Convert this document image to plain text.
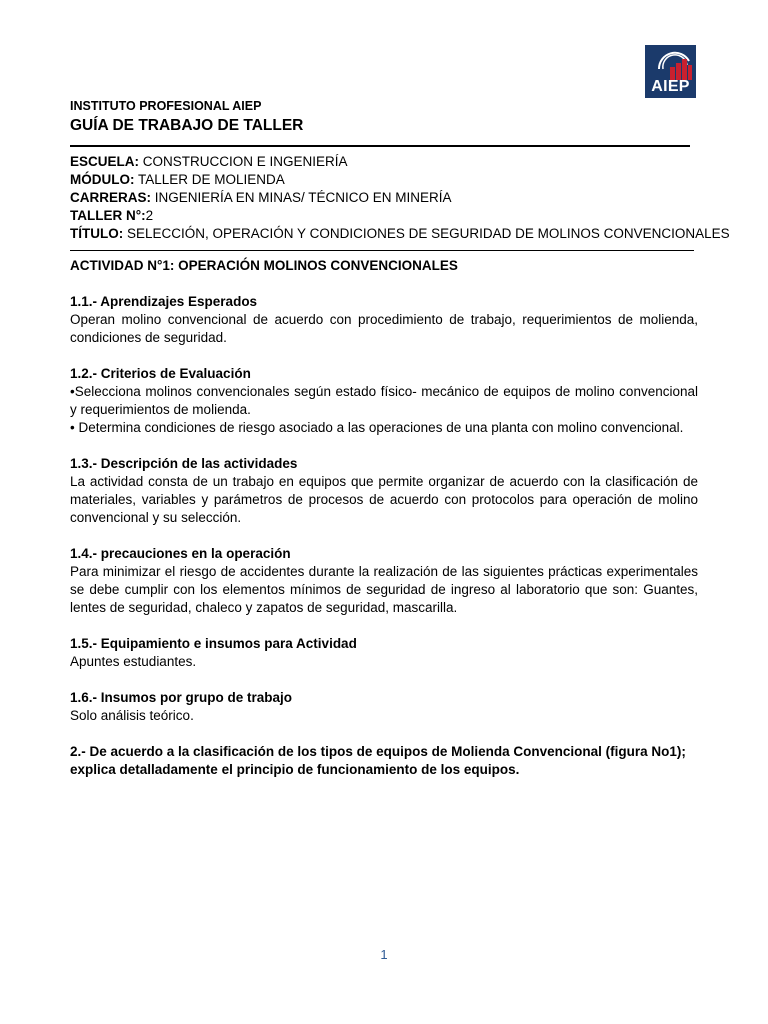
AIEP
INSTITUTO PROFESIONAL AIEP
GUÍA DE TRABAJO DE TALLER
ESCUELA: CONSTRUCCION E INGENIERÍA
MÓDULO: TALLER DE MOLIENDA
CARRERAS: INGENIERÍA EN MINAS/ TÉCNICO EN MINERÍA
TALLER N°:2
TÍTULO: SELECCIÓN, OPERACIÓN Y CONDICIONES DE SEGURIDAD DE MOLINOS CONVENCIONALES
ACTIVIDAD N°1: OPERACIÓN MOLINOS CONVENCIONALES
1.1.- Aprendizajes Esperados
Operan molino convencional de acuerdo con procedimiento de trabajo, requerimientos de molienda, condiciones de seguridad.
1.2.- Criterios de Evaluación
•Selecciona molinos convencionales según estado físico- mecánico de equipos de molino convencional y requerimientos de molienda.
• Determina condiciones de riesgo asociado a las operaciones de una planta con molino convencional.
1.3.- Descripción de las actividades
La actividad consta de un trabajo en equipos que permite organizar de acuerdo con la clasificación de materiales, variables y parámetros de procesos de acuerdo con protocolos para operación de molino convencional y su selección.
1.4.- precauciones en la operación
Para minimizar el riesgo de accidentes durante la realización de las siguientes prácticas experimentales se debe cumplir con los elementos mínimos de seguridad de ingreso al laboratorio que son: Guantes, lentes de seguridad, chaleco y zapatos de seguridad, mascarilla.
1.5.- Equipamiento e insumos para Actividad
Apuntes estudiantes.
1.6.- Insumos por grupo de trabajo
Solo análisis teórico.
2.- De acuerdo a la clasificación de los tipos de equipos de Molienda Convencional (figura No1); explica detalladamente el principio de funcionamiento de los equipos.
1
